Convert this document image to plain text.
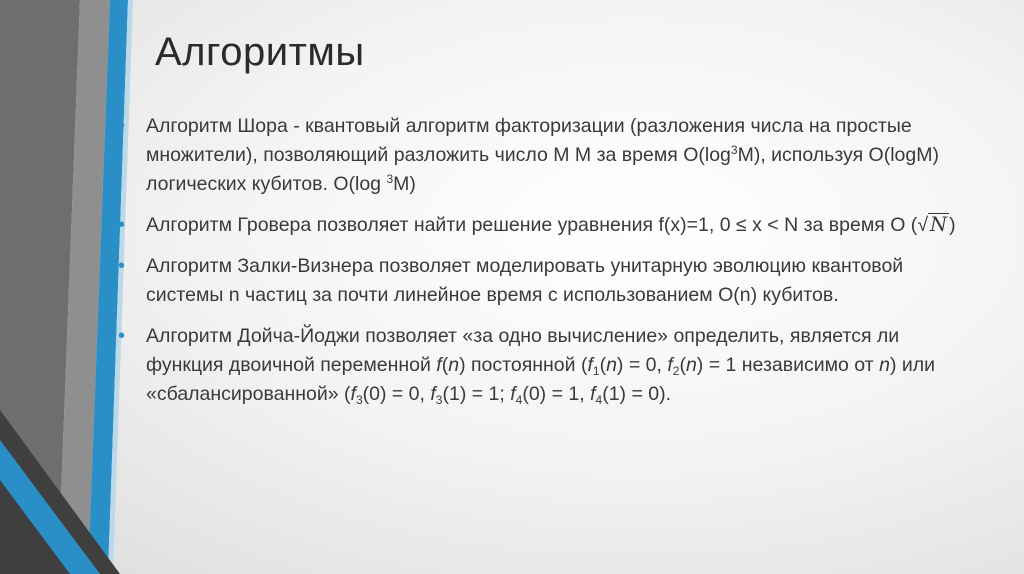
Алгоритмы
• Алгоритм Шора - квантовый алгоритм факторизации (разложения числа на простые множители), позволяющий разложить число M M за время $O(\log^3M)$, используя O(logM) логических кубитов. O(log $^3$M)
• Алгоритм Гровера позволяет найти решение уравнения f(x)=1, 0 ≤ x < N за время O (√ N )
• Алгоритм Залки-Визнера позволяет моделировать унитарную эволюцию квантовой системы n частиц за почти линейное время с использованием O(n) кубитов.
• Алгоритм Дойча-Йоджи позволяет «за одно вычисление» определить, является ли функция двоичной переменной f(n) постоянной ($f_1(n) = 0$, $f_2(n) = 1$ независимо от n) или «сбалансированной» ($f_3(0) = 0$, $f_3(1) = 1$; $f_4(0) = 1$, $f_4(1) = 0$).
